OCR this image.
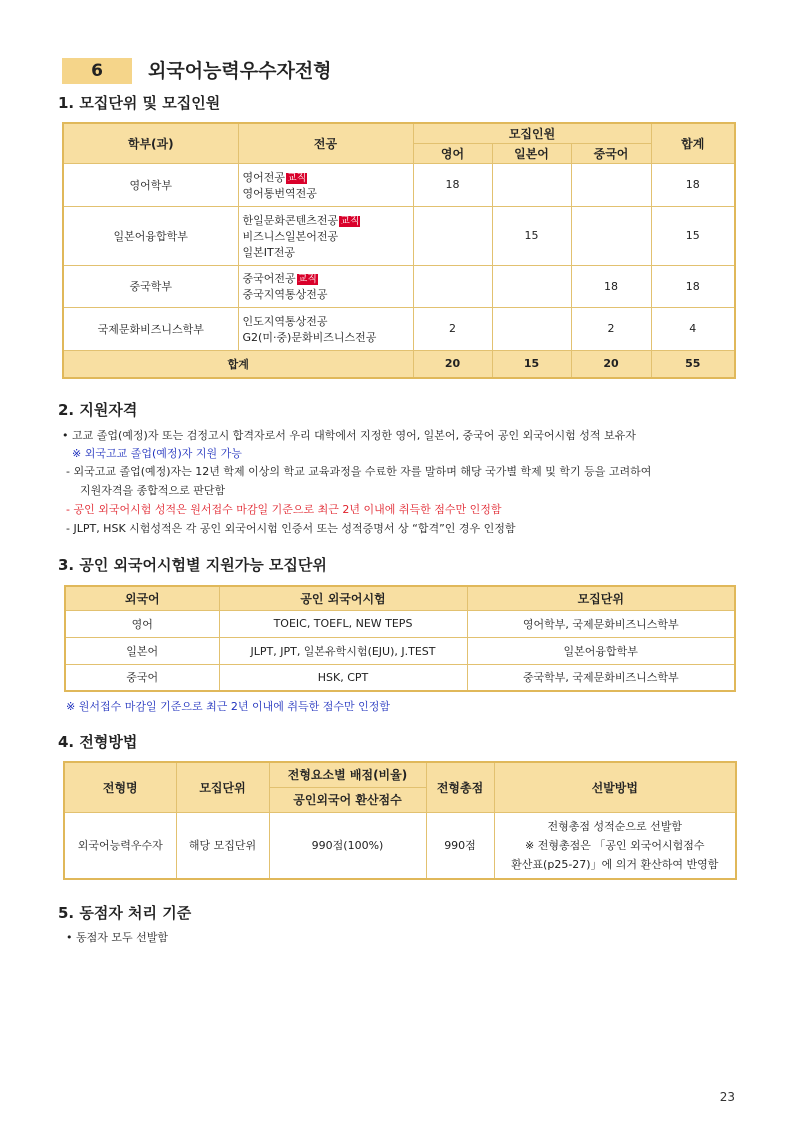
6 외국어능력우수자전형
1. 모집단위 및 모집인원
학부(과)	전공	모집인원			합계
		영어	일본어	중국어	
영어학부	영어전공 교직
영어통번역전공	18			18
일본어융합학부	한일문화콘텐츠전공 교직
비즈니스일본어전공
일본IT전공		15		15
중국학부	중국어전공 교직
중국지역통상전공			18	18
국제문화비즈니스학부	인도지역통상전공
G2(미·중)문화비즈니스전공	2		2	4
합계		20	15	20	55
2. 지원자격
• 고교 졸업(예정)자 또는 검정고시 합격자로서 우리 대학에서 지정한 영어, 일본어, 중국어 공인 외국어시험 성적 보유자
※ 외국고교 졸업(예정)자 지원 가능
- 외국고교 졸업(예정)자는 12년 학제 이상의 학교 교육과정을 수료한 자를 말하며 해당 국가별 학제 및 학기 등을 고려하여
지원자격을 종합적으로 판단함
- 공인 외국어시험 성적은 원서접수 마감일 기준으로 최근 2년 이내에 취득한 점수만 인정함
- JLPT, HSK 시험성적은 각 공인 외국어시험 인증서 또는 성적증명서 상 “합격”인 경우 인정함
3. 공인 외국어시험별 지원가능 모집단위
외국어	공인 외국어시험	모집단위
영어	TOEIC, TOEFL, NEW TEPS	영어학부, 국제문화비즈니스학부
일본어	JLPT, JPT, 일본유학시험(EJU), J.TEST	일본어융합학부
중국어	HSK, CPT	중국학부, 국제문화비즈니스학부
※ 원서접수 마감일 기준으로 최근 2년 이내에 취득한 점수만 인정함
4. 전형방법
전형명	모집단위	전형요소별 배점(비율)	전형총점	선발방법
		공인외국어 환산점수		
외국어능력우수자	해당 모집단위	990점(100%)	990점	전형총점 성적순으로 선발함
※ 전형총점은 「공인 외국어시험점수
환산표(p25-27)」에 의거 환산하여 반영함
5. 동점자 처리 기준
• 동점자 모두 선발함
23
